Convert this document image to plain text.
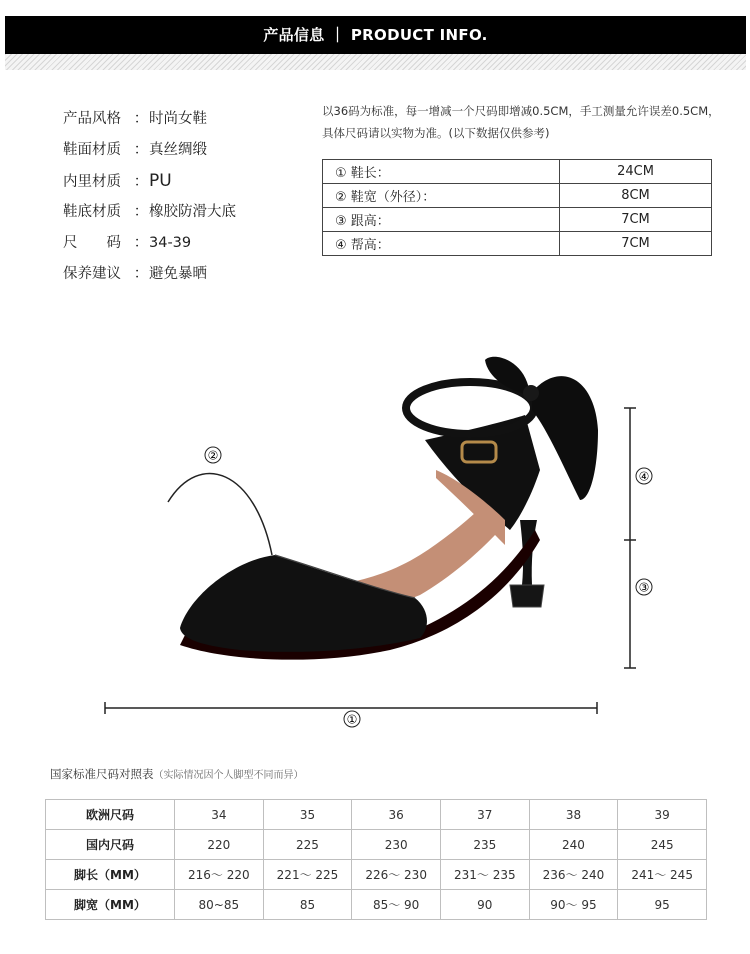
产品信息 ｜ PRODUCT INFO.
产品风格 ：时尚女鞋
鞋面材质 ：真丝绸缎
内里材质 ：PU
鞋底材质 ：橡胶防滑大底
尺　　码 ：34-39
保养建议 ：避免暴晒
以36码为标准，每一增减一个尺码即增减0.5CM，手工测量允许误差0.5CM，
具体尺码请以实物为准。(以下数据仅供参考)
① 鞋长：	24CM
② 鞋宽（外径）：	8CM
③ 跟高：	7CM
④ 帮高：	7CM
②
④
③
①
国家标准尺码对照表（实际情况因个人脚型不同而异）
欧洲尺码	34	35	36	37	38	39
国内尺码	220	225	230	235	240	245
脚长（MM）	216～ 220	221～ 225	226～ 230	231～ 235	236～ 240	241～ 245
脚宽（MM）	80~85	85	85～ 90	90	90～ 95	95
